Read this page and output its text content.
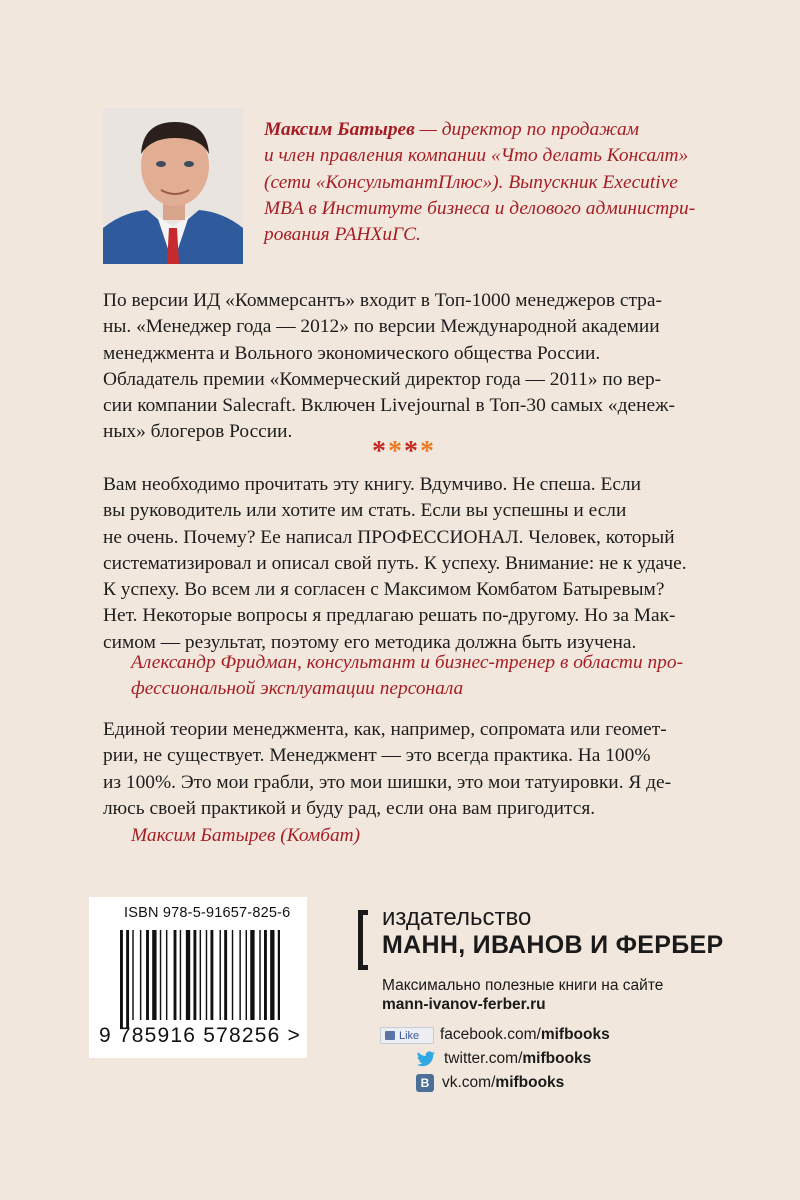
Максим Батырев — директор по продажам
и член правления компании «Что делать Консалт»
(сети «КонсультантПлюс»). Выпускник Executive
MBA в Институте бизнеса и делового администри-
рования РАНХиГС.
По версии ИД «Коммерсантъ» входит в Топ-1000 менеджеров стра-
ны. «Менеджер года — 2012» по версии Международной академии
менеджмента и Вольного экономического общества России.
Обладатель премии «Коммерческий директор года — 2011» по вер-
сии компании Salecraft. Включен Livejournal в Топ-30 самых «денеж-
ных» блогеров России.
****
Вам необходимо прочитать эту книгу. Вдумчиво. Не спеша. Если
вы руководитель или хотите им стать. Если вы успешны и если
не очень. Почему? Ее написал ПРОФЕССИОНАЛ. Человек, который
систематизировал и описал свой путь. К успеху. Внимание: не к удаче.
К успеху. Во всем ли я согласен с Максимом Комбатом Батыревым?
Нет. Некоторые вопросы я предлагаю решать по-другому. Но за Мак-
симом — результат, поэтому его методика должна быть изучена.
Александр Фридман, консультант и бизнес-тренер в области про-
фессиональной эксплуатации персонала
Единой теории менеджмента, как, например, сопромата или геомет-
рии, не существует. Менеджмент — это всегда практика. На 100%
из 100%. Это мои грабли, это мои шишки, это мои татуировки. Я де-
люсь своей практикой и буду рад, если она вам пригодится.
Максим Батырев (Комбат)
ISBN 978-5-91657-825-6
9 785916 578256 >
издательство
МАНН, ИВАНОВ И ФЕРБЕР
Максимально полезные книги на сайте
mann-ivanov-ferber.ru
Like	facebook.com/ mifbooks
twitter.com/ mifbooks
В vk.com/ mifbooks
